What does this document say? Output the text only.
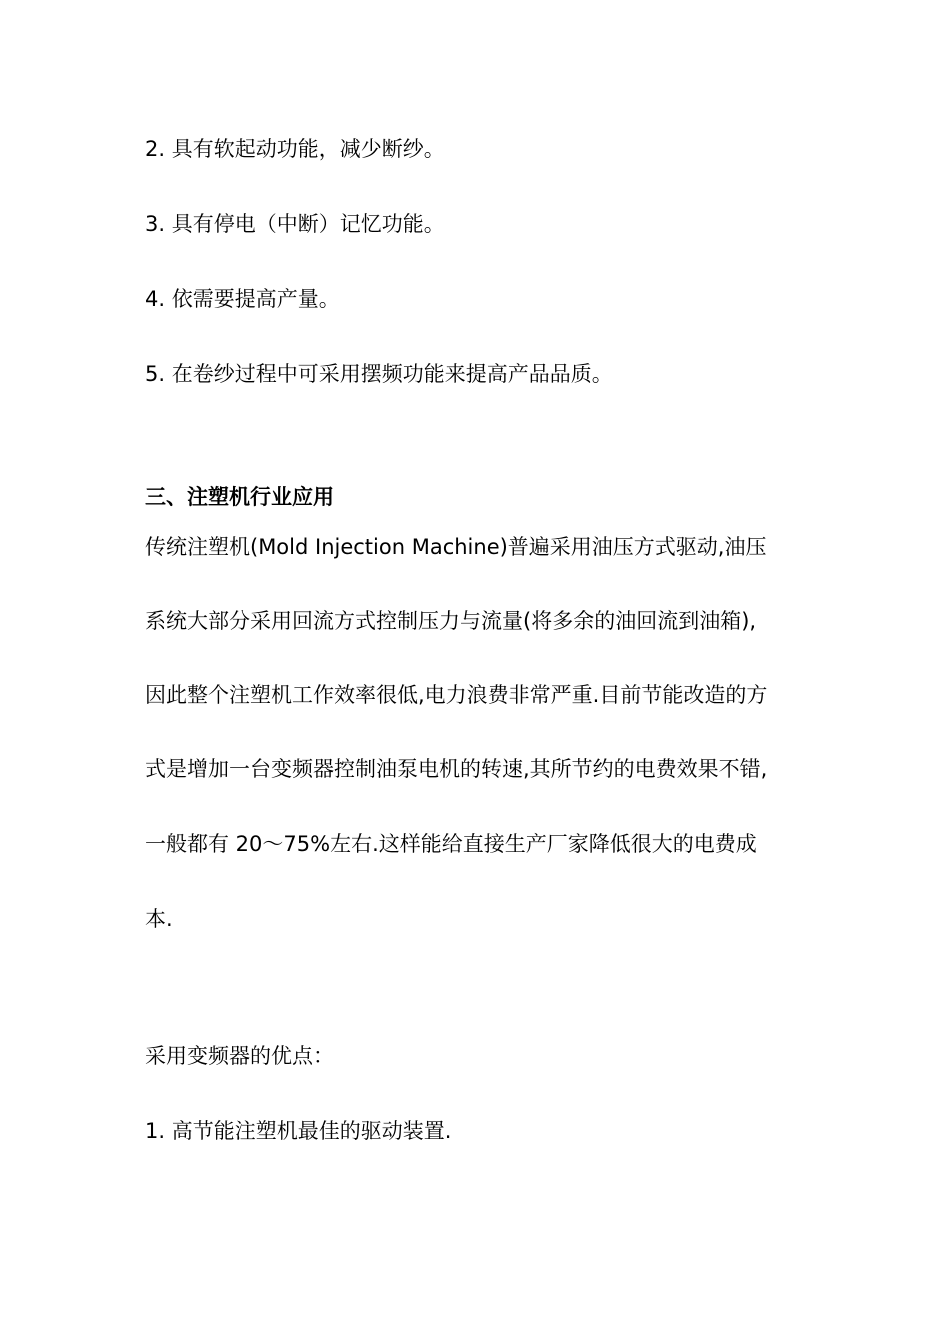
2. 具有软起动功能，减少断纱。
3. 具有停电（中断）记忆功能。
4. 依需要提高产量。
5. 在卷纱过程中可采用摆频功能来提高产品品质。
三、注塑机行业应用
传统注塑机(Mold Injection Machine)普遍采用油压方式驱动,油压
系统大部分采用回流方式控制压力与流量(将多余的油回流到油箱),
因此整个注塑机工作效率很低,电力浪费非常严重.目前节能改造的方
式是增加一台变频器控制油泵电机的转速,其所节约的电费效果不错,
一般都有 20～75%左右.这样能给直接生产厂家降低很大的电费成
本.
采用变频器的优点：
1. 高节能注塑机最佳的驱动装置.
